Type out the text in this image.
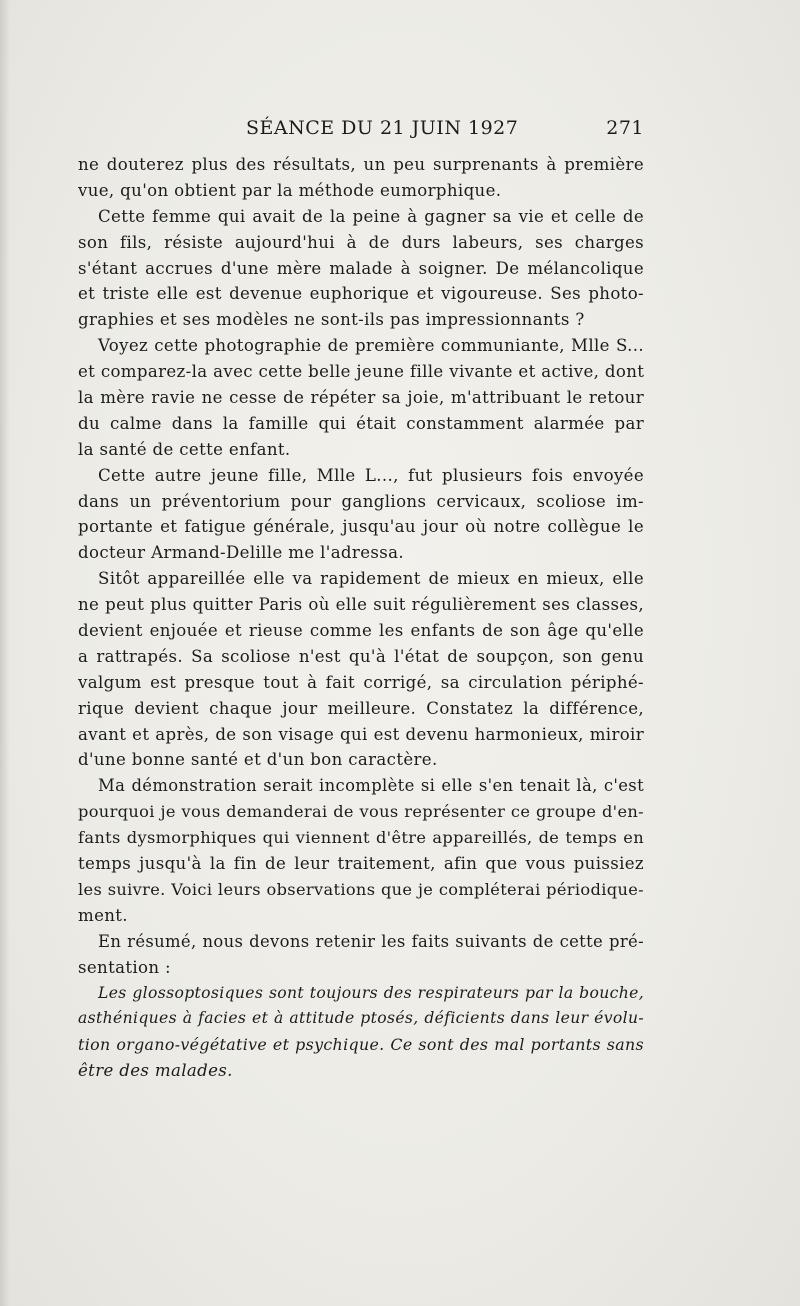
SÉANCE DU 21 JUIN 1927	271
ne douterez plus des résultats, un peu surprenants à première
vue, qu'on obtient par la méthode eumorphique.
Cette femme qui avait de la peine à gagner sa vie et celle de
son fils, résiste aujourd'hui à de durs labeurs, ses charges
s'étant accrues d'une mère malade à soigner. De mélancolique
et triste elle est devenue euphorique et vigoureuse. Ses photo-
graphies et ses modèles ne sont-ils pas impressionnants ?
Voyez cette photographie de première communiante, Mlle S...
et comparez-la avec cette belle jeune fille vivante et active, dont
la mère ravie ne cesse de répéter sa joie, m'attribuant le retour
du calme dans la famille qui était constamment alarmée par
la santé de cette enfant.
Cette autre jeune fille, Mlle L..., fut plusieurs fois envoyée
dans un préventorium pour ganglions cervicaux, scoliose im-
portante et fatigue générale, jusqu'au jour où notre collègue le
docteur Armand-Delille me l'adressa.
Sitôt appareillée elle va rapidement de mieux en mieux, elle
ne peut plus quitter Paris où elle suit régulièrement ses classes,
devient enjouée et rieuse comme les enfants de son âge qu'elle
a rattrapés. Sa scoliose n'est qu'à l'état de soupçon, son genu
valgum est presque tout à fait corrigé, sa circulation périphé-
rique devient chaque jour meilleure. Constatez la différence,
avant et après, de son visage qui est devenu harmonieux, miroir
d'une bonne santé et d'un bon caractère.
Ma démonstration serait incomplète si elle s'en tenait là, c'est
pourquoi je vous demanderai de vous représenter ce groupe d'en-
fants dysmorphiques qui viennent d'être appareillés, de temps en
temps jusqu'à la fin de leur traitement, afin que vous puissiez
les suivre. Voici leurs observations que je compléterai périodique-
ment.
En résumé, nous devons retenir les faits suivants de cette pré-
sentation :
Les glossoptosiques sont toujours des respirateurs par la bouche,
asthéniques à facies et à attitude ptosés, déficients dans leur évolu-
tion organo-végétative et psychique. Ce sont des mal portants sans
être des malades.
